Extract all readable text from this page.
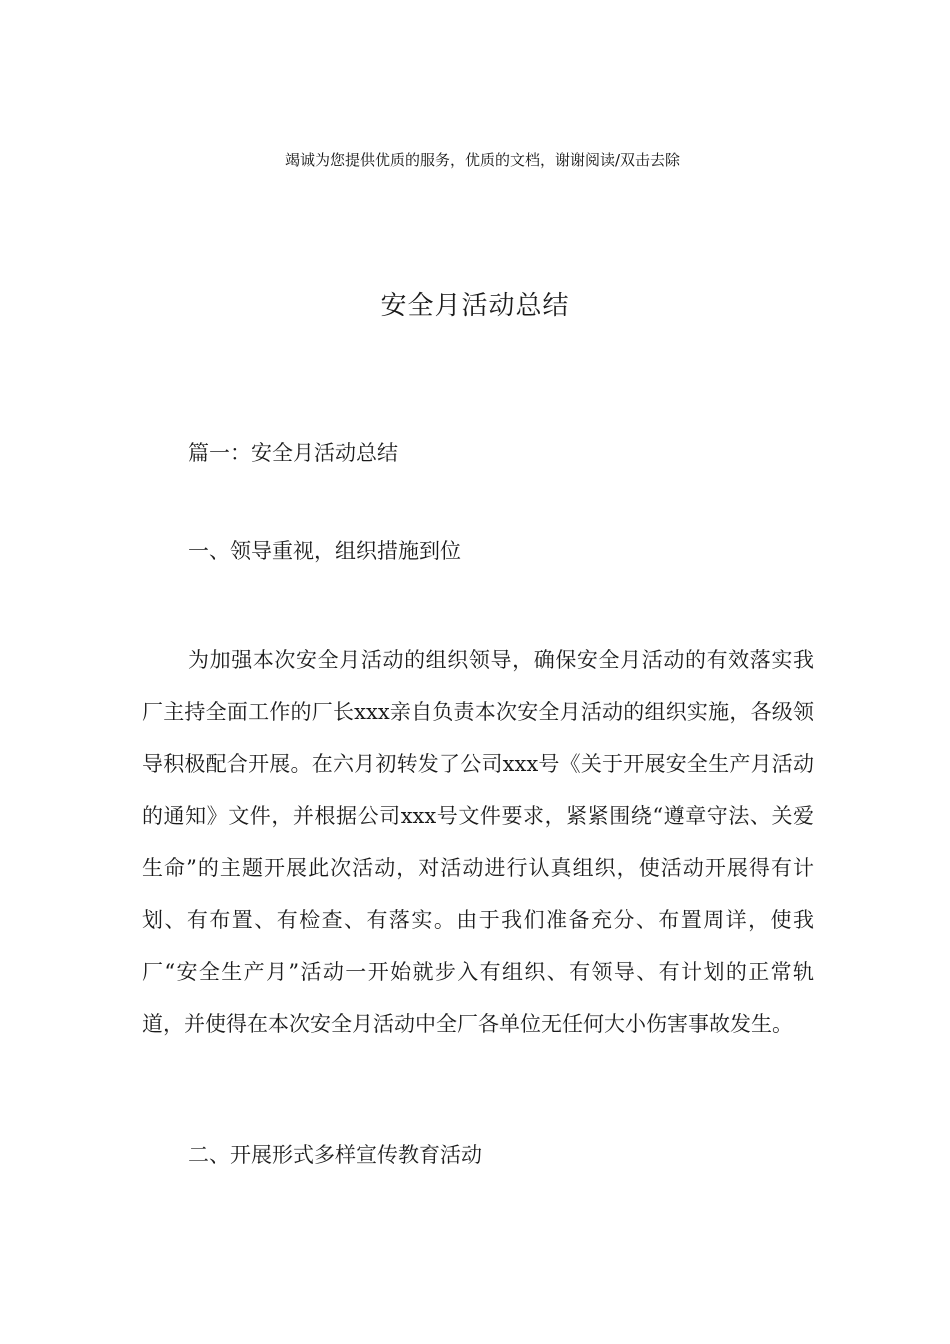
竭诚为您提供优质的服务，优质的文档，谢谢阅读/双击去除
安全月活动总结
篇一：安全月活动总结
一、领导重视，组织措施到位

为加强本次安全月活动的组织领导，确保安全月活动的有效落实我厂主持全面工作的厂长xxx亲自负责本次安全月活动的组织实施，各级领导积极配合开展。在六月初转发了公司xxx号《关于开展安全生产月活动的通知》文件，并根据公司xxx号文件要求，紧紧围绕“遵章守法、关爱生命”的主题开展此次活动，对活动进行认真组织，使活动开展得有计划、有布置、有检查、有落实。由于我们准备充分、布置周详，使我厂“安全生产月”活动一开始就步入有组织、有领导、有计划的正常轨道，并使得在本次安全月活动中全厂各单位无任何大小伤害事故发生。

二、开展形式多样宣传教育活动
